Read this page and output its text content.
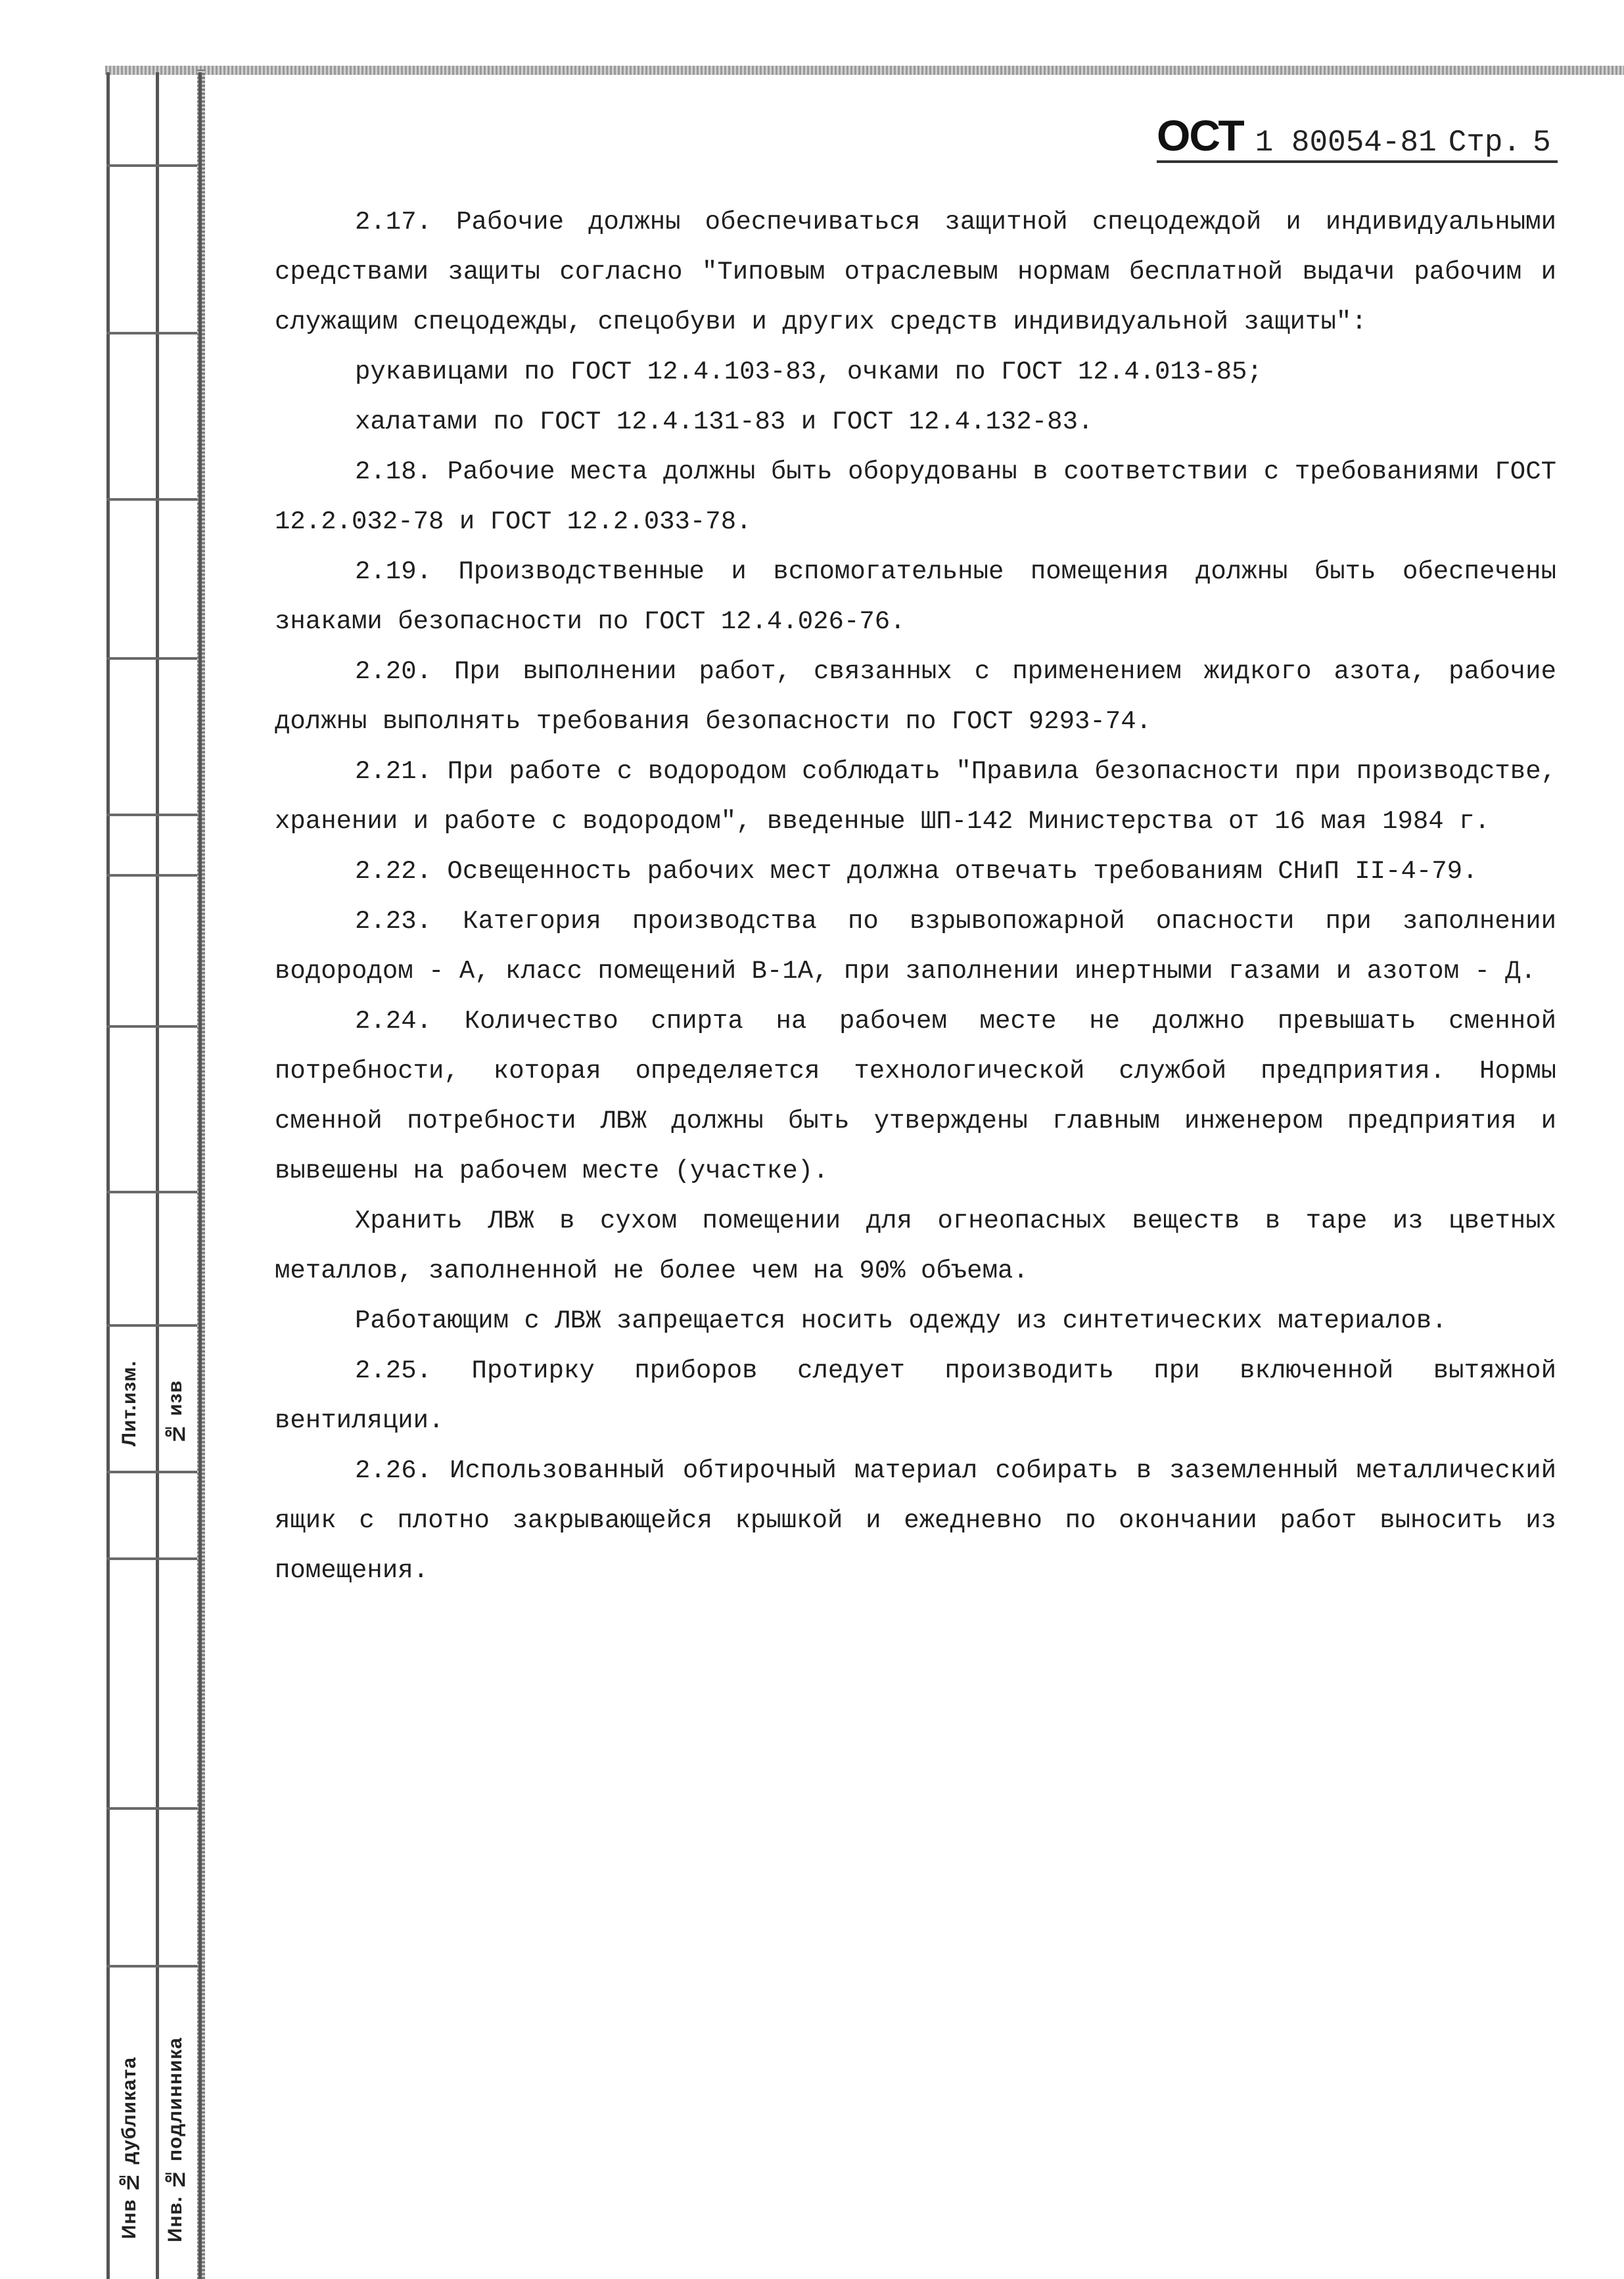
Лит.изм. № изв
Инв № дубликата Инв. № подлинника
ОСТ 1 80054-81 Стр. 5

2.17. Рабочие должны обеспечиваться защитной спецодеждой и индивидуальными средствами защиты согласно "Типовым отраслевым нормам бесплатной выдачи рабочим и служащим спецодежды, спецобуви и других средств индивидуальной защиты":

рукавицами по ГОСТ 12.4.103-83, очками по ГОСТ 12.4.013-85;

халатами по ГОСТ 12.4.131-83 и ГОСТ 12.4.132-83.

2.18. Рабочие места должны быть оборудованы в соответствии с требованиями ГОСТ 12.2.032-78 и ГОСТ 12.2.033-78.

2.19. Производственные и вспомогательные помещения должны быть обеспечены знаками безопасности по ГОСТ 12.4.026-76.

2.20. При выполнении работ, связанных с применением жидкого азота, рабочие должны выполнять требования безопасности по ГОСТ 9293-74.

2.21. При работе с водородом соблюдать "Правила безопасности при производстве, хранении и работе с водородом", введенные ШП-142 Министерства от 16 мая 1984 г.

2.22. Освещенность рабочих мест должна отвечать требованиям СНиП II-4-79.

2.23. Категория производства по взрывопожарной опасности при заполнении водородом - А, класс помещений В-1А, при заполнении инертными газами и азотом - Д.

2.24. Количество спирта на рабочем месте не должно превышать сменной потребности, которая определяется технологической службой предприятия. Нормы сменной потребности ЛВЖ должны быть утверждены главным инженером предприятия и вывешены на рабочем месте (участке).

Хранить ЛВЖ в сухом помещении для огнеопасных веществ в таре из цветных металлов, заполненной не более чем на 90% объема.

Работающим с ЛВЖ запрещается носить одежду из синтетических материалов.

2.25. Протирку приборов следует производить при включенной вытяжной вентиляции.

2.26. Использованный обтирочный материал собирать в заземленный металлический ящик с плотно закрывающейся крышкой и ежедневно по окончании работ выносить из помещения.
